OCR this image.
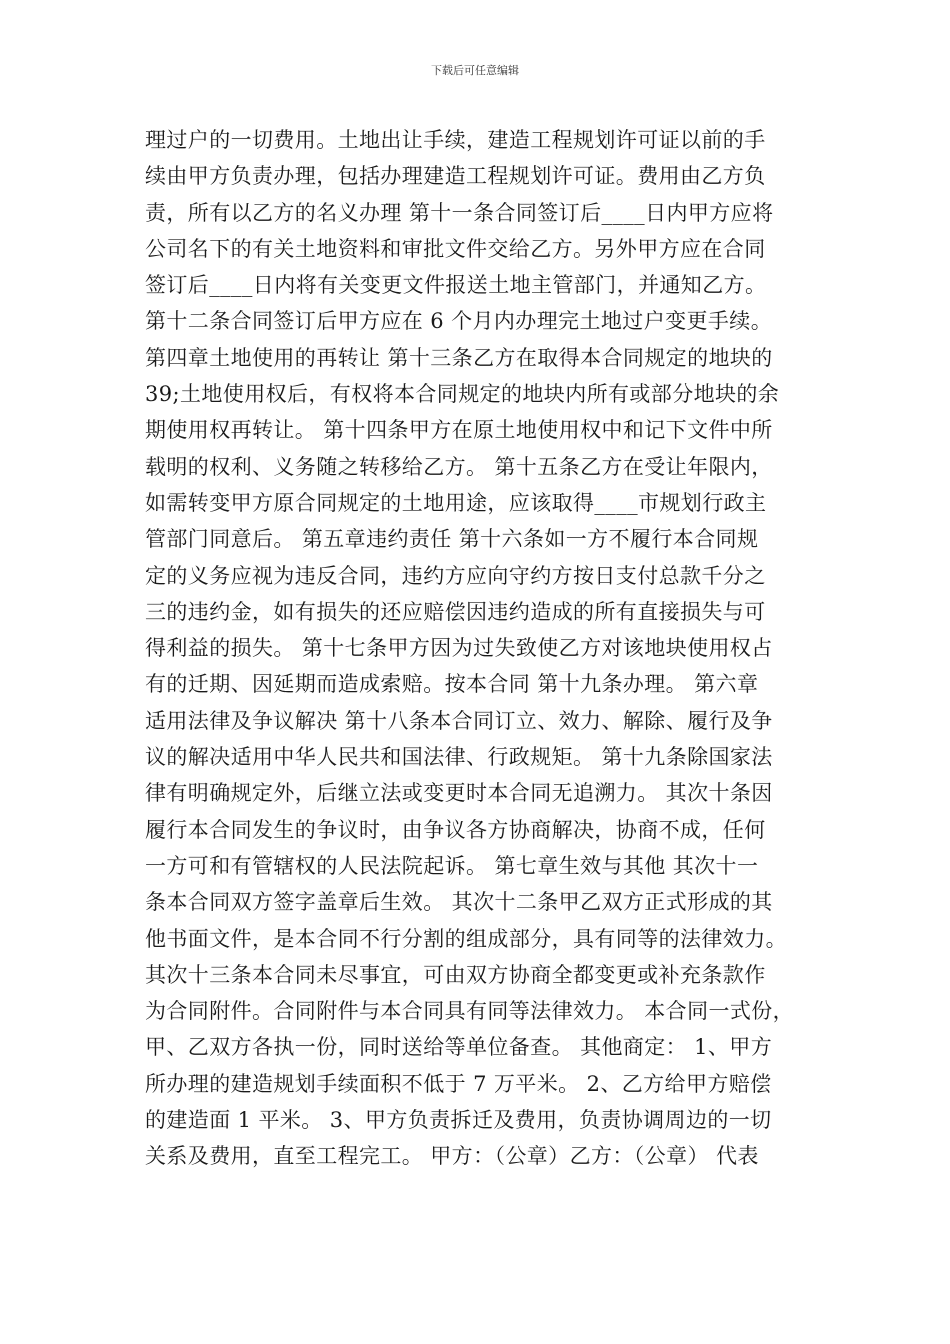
下载后可任意编辑
理过户的一切费用。土地出让手续，建造工程规划许可证以前的手
续由甲方负责办理，包括办理建造工程规划许可证。费用由乙方负
责，所有以乙方的名义办理 第十一条合同签订后____日内甲方应将
公司名下的有关土地资料和审批文件交给乙方。另外甲方应在合同
签订后____日内将有关变更文件报送土地主管部门，并通知乙方。
第十二条合同签订后甲方应在 6 个月内办理完土地过户变更手续。
第四章土地使用的再转让 第十三条乙方在取得本合同规定的地块的
39;土地使用权后，有权将本合同规定的地块内所有或部分地块的余
期使用权再转让。 第十四条甲方在原土地使用权中和记下文件中所
载明的权利、义务随之转移给乙方。 第十五条乙方在受让年限内，
如需转变甲方原合同规定的土地用途，应该取得____市规划行政主
管部门同意后。 第五章违约责任 第十六条如一方不履行本合同规
定的义务应视为违反合同，违约方应向守约方按日支付总款千分之
三的违约金，如有损失的还应赔偿因违约造成的所有直接损失与可
得利益的损失。 第十七条甲方因为过失致使乙方对该地块使用权占
有的迁期、因延期而造成索赔。按本合同 第十九条办理。 第六章
适用法律及争议解决 第十八条本合同订立、效力、解除、履行及争
议的解决适用中华人民共和国法律、行政规矩。 第十九条除国家法
律有明确规定外，后继立法或变更时本合同无追溯力。 其次十条因
履行本合同发生的争议时，由争议各方协商解决，协商不成，任何
一方可和有管辖权的人民法院起诉。 第七章生效与其他 其次十一
条本合同双方签字盖章后生效。 其次十二条甲乙双方正式形成的其
他书面文件，是本合同不行分割的组成部分，具有同等的法律效力。
其次十三条本合同未尽事宜，可由双方协商全都变更或补充条款作
为合同附件。合同附件与本合同具有同等法律效力。 本合同一式份，
甲、乙双方各执一份，同时送给等单位备查。 其他商定： 1、甲方
所办理的建造规划手续面积不低于 7 万平米。 2、乙方给甲方赔偿
的建造面 1 平米。 3、甲方负责拆迁及费用，负责协调周边的一切
关系及费用，直至工程完工。 甲方：（公章）乙方：（公章） 代表
